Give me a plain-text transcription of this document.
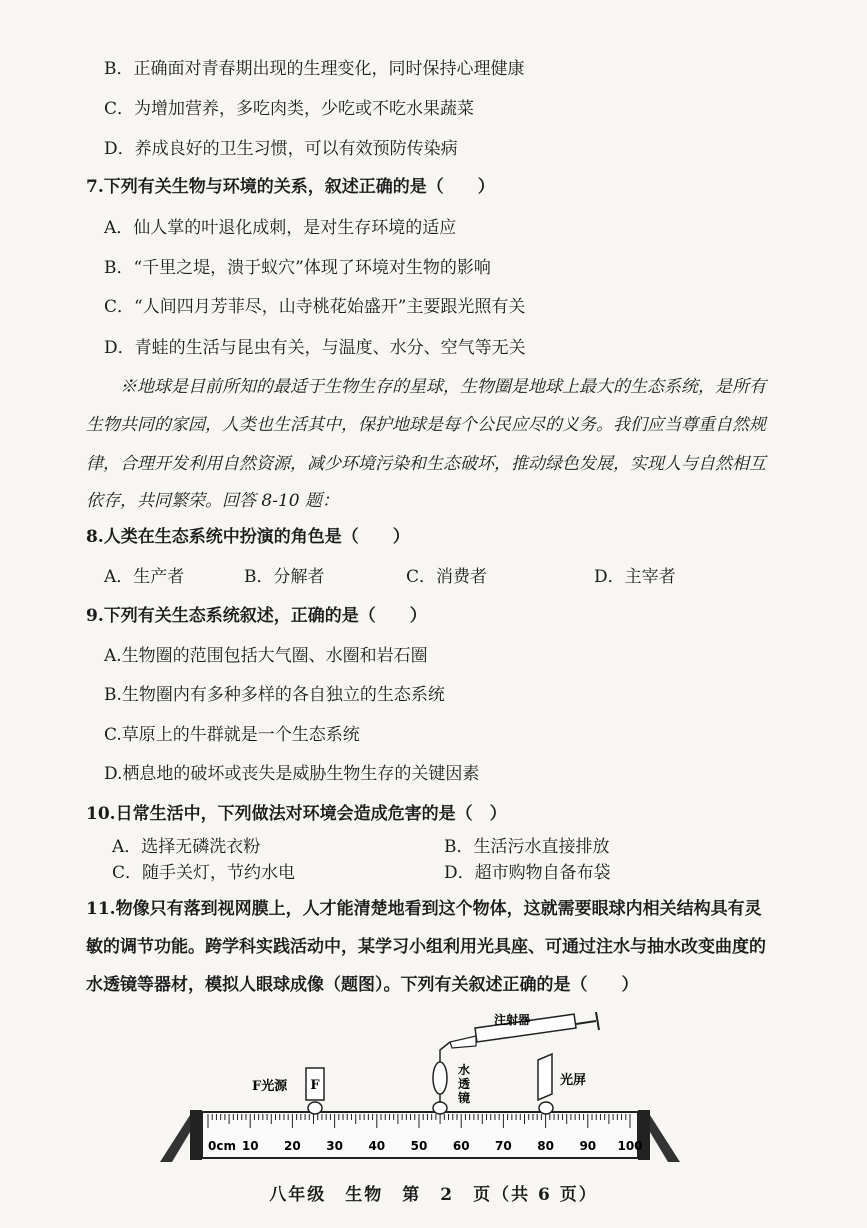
B．正确面对青春期出现的生理变化，同时保持心理健康
C．为增加营养，多吃肉类，少吃或不吃水果蔬菜
D．养成良好的卫生习惯，可以有效预防传染病
7.下列有关生物与环境的关系，叙述正确的是（　　）
A．仙人掌的叶退化成刺，是对生存环境的适应
B．“千里之堤，溃于蚁穴”体现了环境对生物的影响
C．“人间四月芳菲尽，山寺桃花始盛开”主要跟光照有关
D．青蛙的生活与昆虫有关，与温度、水分、空气等无关
※地球是目前所知的最适于生物生存的星球，生物圈是地球上最大的生态系统，是所有
生物共同的家园，人类也生活其中，保护地球是每个公民应尽的义务。我们应当尊重自然规
律，合理开发利用自然资源，减少环境污染和生态破坏，推动绿色发展，实现人与自然相互
依存，共同繁荣。回答 8-10 题：
8.人类在生态系统中扮演的角色是（　　）
A．生产者	B．分解者	C．消费者	D．主宰者
9.下列有关生态系统叙述，正确的是（　　）
A.生物圈的范围包括大气圈、水圈和岩石圈
B.生物圈内有多种多样的各自独立的生态系统
C.草原上的牛群就是一个生态系统
D.栖息地的破坏或丧失是威胁生物生存的关键因素
10.日常生活中，下列做法对环境会造成危害的是（　）
A．选择无磷洗衣粉	B．生活污水直接排放
C．随手关灯，节约水电	D．超市购物自备布袋
11.物像只有落到视网膜上，人才能清楚地看到这个物体，这就需要眼球内相关结构具有灵
敏的调节功能。跨学科实践活动中，某学习小组利用光具座、可通过注水与抽水改变曲度的
水透镜等器材，模拟人眼球成像（题图）。下列有关叙述正确的是（　　）
0cm 10 20 30 40 50 60 70 80 90 100
F
F光源
水
透
镜
注射器
光屏
八年级　生物　第　2　页（共 6 页）
